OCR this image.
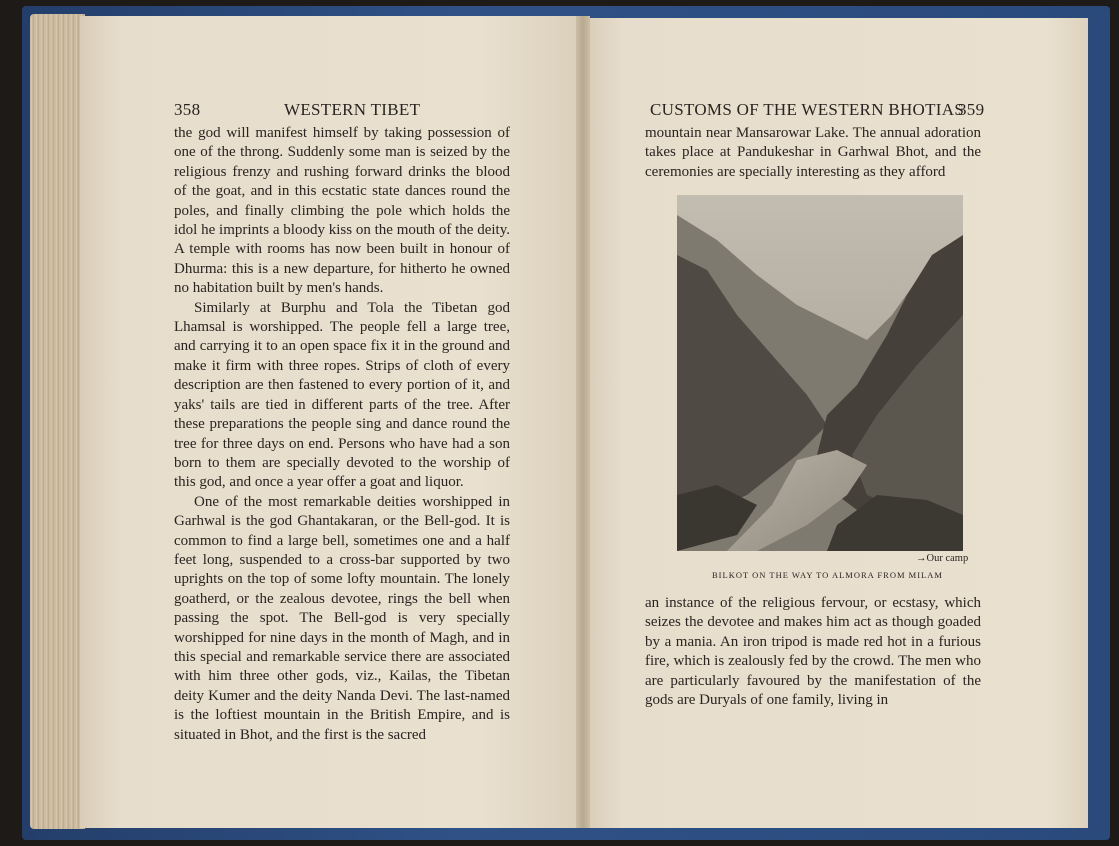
358	WESTERN TIBET

the god will manifest himself by taking possession of one of the throng. Suddenly some man is seized by the religious frenzy and rushing forward drinks the blood of the goat, and in this ecstatic state dances round the poles, and finally climbing the pole which holds the idol he imprints a bloody kiss on the mouth of the deity. A temple with rooms has now been built in honour of Dhurma: this is a new departure, for hitherto he owned no habitation built by men's hands.

Similarly at Burphu and Tola the Tibetan god Lhamsal is worshipped. The people fell a large tree, and carrying it to an open space fix it in the ground and make it firm with three ropes. Strips of cloth of every description are then fastened to every portion of it, and yaks' tails are tied in different parts of the tree. After these preparations the people sing and dance round the tree for three days on end. Persons who have had a son born to them are specially devoted to the worship of this god, and once a year offer a goat and liquor.

One of the most remarkable deities worshipped in Garhwal is the god Ghantakaran, or the Bell-god. It is common to find a large bell, sometimes one and a half feet long, suspended to a cross-bar supported by two uprights on the top of some lofty mountain. The lonely goatherd, or the zealous devotee, rings the bell when passing the spot. The Bell-god is very specially worshipped for nine days in the month of Magh, and in this special and remarkable service there are associated with him three other gods, viz., Kailas, the Tibetan deity Kumer and the deity Nanda Devi. The last-named is the loftiest mountain in the British Empire, and is situated in Bhot, and the first is the sacred

CUSTOMS OF THE WESTERN BHOTIAS
359

mountain near Mansarowar Lake. The annual adoration takes place at Pandukeshar in Garhwal Bhot, and the ceremonies are specially interesting as they afford

→Our camp
BILKOT ON THE WAY TO ALMORA FROM MILAM

an instance of the religious fervour, or ecstasy, which seizes the devotee and makes him act as though goaded by a mania. An iron tripod is made red hot in a furious fire, which is zealously fed by the crowd. The men who are particularly favoured by the manifestation of the gods are Duryals of one family, living in
